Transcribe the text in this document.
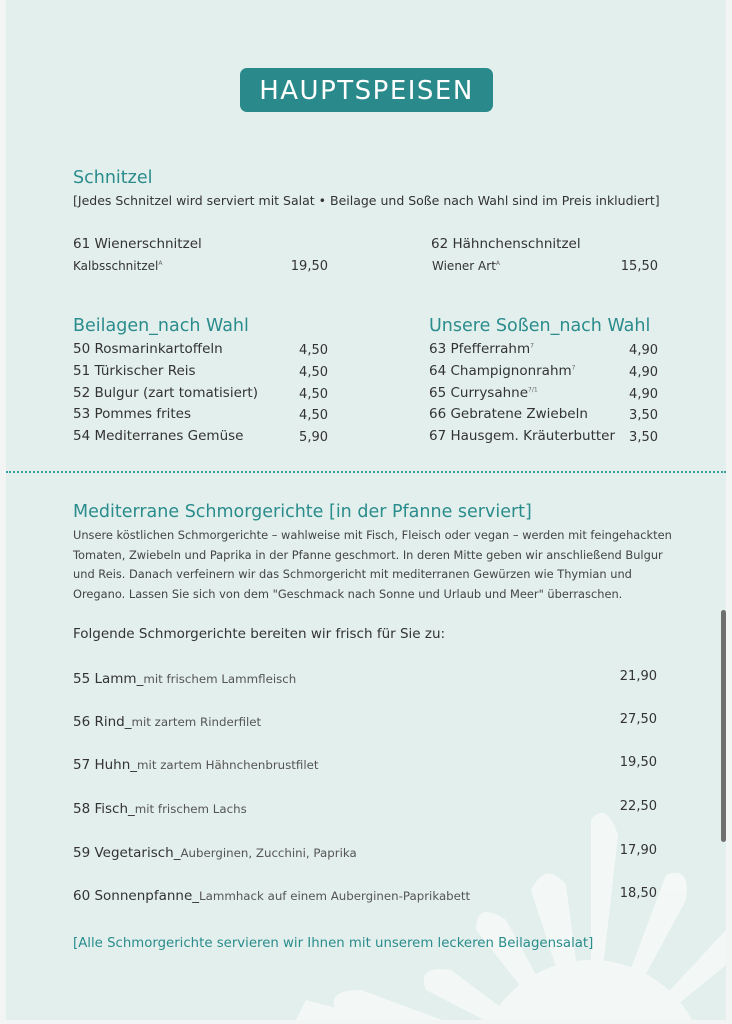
HAUPTSPEISEN
Schnitzel
[Jedes Schnitzel wird serviert mit Salat • Beilage und Soße nach Wahl sind im Preis inkludiert]
61 Wienerschnitzel
Kalbsschnitzel$^A$	19,50
62 Hähnchenschnitzel
Wiener Art$^A$	15,50
Beilagen_nach Wahl
50 Rosmarinkartoffeln	4,50
51 Türkischer Reis	4,50
52 Bulgur (zart tomatisiert)	4,50
53 Pommes frites	4,50
54 Mediterranes Gemüse	5,90
Unsere Soßen_nach Wahl
63 Pfefferrahm$^7$	4,90
64 Champignonrahm$^7$	4,90
65 Currysahne$^{7/1}$	4,90
66 Gebratene Zwiebeln	3,50
67 Hausgem. Kräuterbutter	3,50
Mediterrane Schmorgerichte [in der Pfanne serviert]
Unsere köstlichen Schmorgerichte – wahlweise mit Fisch, Fleisch oder vegan – werden mit feingehackten Tomaten, Zwiebeln und Paprika in der Pfanne geschmort. In deren Mitte geben wir anschließend Bulgur und Reis. Danach verfeinern wir das Schmorgericht mit mediterranen Gewürzen wie Thymian und Oregano. Lassen Sie sich von dem "Geschmack nach Sonne und Urlaub und Meer" überraschen.
Folgende Schmorgerichte bereiten wir frisch für Sie zu:
55 Lamm_mit frischem Lammfleisch	21,90
56 Rind_mit zartem Rinderfilet	27,50
57 Huhn_mit zartem Hähnchenbrustfilet	19,50
58 Fisch_mit frischem Lachs	22,50
59 Vegetarisch_Auberginen, Zucchini, Paprika	17,90
60 Sonnenpfanne_Lammhack auf einem Auberginen-Paprikabett	18,50
[Alle Schmorgerichte servieren wir Ihnen mit unserem leckeren Beilagensalat]
